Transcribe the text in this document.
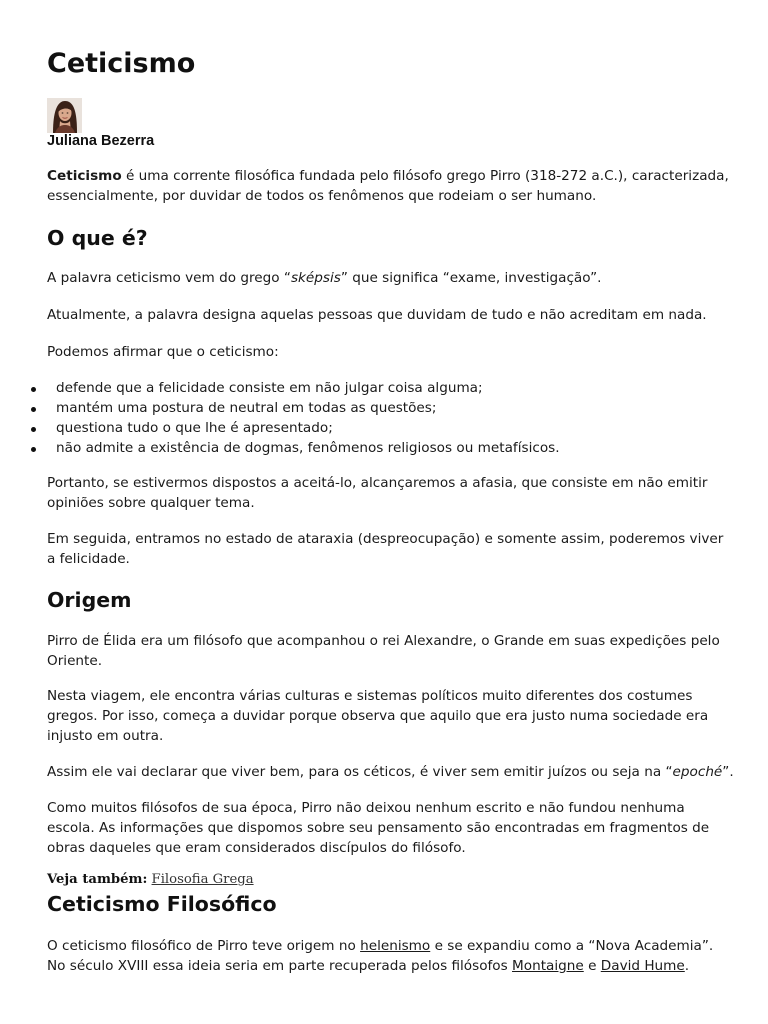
Ceticismo

Juliana Bezerra

Ceticismo é uma corrente filosófica fundada pelo filósofo grego Pirro (318-272 a.C.), caracterizada,
essencialmente, por duvidar de todos os fenômenos que rodeiam o ser humano.

O que é?

A palavra ceticismo vem do grego “sképsis” que significa “exame, investigação”.

Atualmente, a palavra designa aquelas pessoas que duvidam de tudo e não acreditam em nada.

Podemos afirmar que o ceticismo:

defende que a felicidade consiste em não julgar coisa alguma;
mantém uma postura de neutral em todas as questões;
questiona tudo o que lhe é apresentado;
não admite a existência de dogmas, fenômenos religiosos ou metafísicos.

Portanto, se estivermos dispostos a aceitá-lo, alcançaremos a afasia, que consiste em não emitir
opiniões sobre qualquer tema.

Em seguida, entramos no estado de ataraxia (despreocupação) e somente assim, poderemos viver
a felicidade.

Origem

Pirro de Élida era um filósofo que acompanhou o rei Alexandre, o Grande em suas expedições pelo
Oriente.

Nesta viagem, ele encontra várias culturas e sistemas políticos muito diferentes dos costumes
gregos. Por isso, começa a duvidar porque observa que aquilo que era justo numa sociedade era
injusto em outra.

Assim ele vai declarar que viver bem, para os céticos, é viver sem emitir juízos ou seja na “epoché”.

Como muitos filósofos de sua época, Pirro não deixou nenhum escrito e não fundou nenhuma
escola. As informações que dispomos sobre seu pensamento são encontradas em fragmentos de
obras daqueles que eram considerados discípulos do filósofo.

Veja também: Filosofia Grega

Ceticismo Filosófico

O ceticismo filosófico de Pirro teve origem no helenismo e se expandiu como a “Nova Academia”.
No século XVIII essa ideia seria em parte recuperada pelos filósofos Montaigne e David Hume.
